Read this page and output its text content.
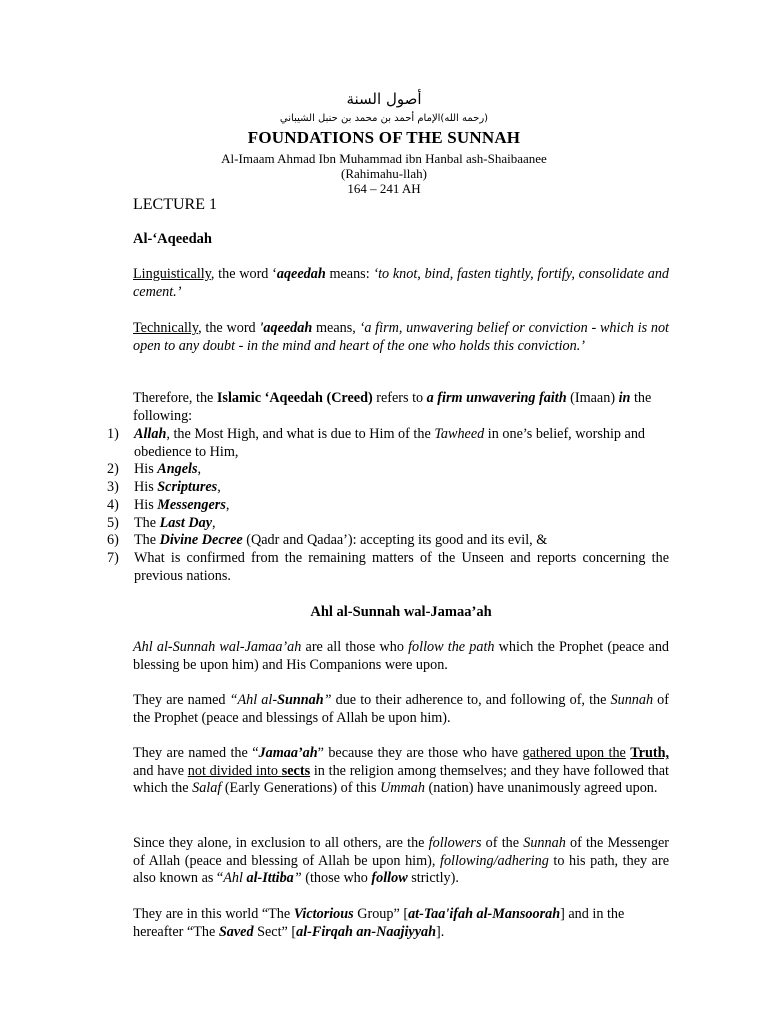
أصول السنة
(رحمه الله)الإمام أحمد بن محمد بن حنبل الشيباني
FOUNDATIONS OF THE SUNNAH
Al-Imaam Ahmad Ibn Muhammad ibn Hanbal ash-Shaibaanee
(Rahimahu-llah)
164 – 241 AH
LECTURE 1
Al-‘Aqeedah
Linguistically, the word ‘aqeedah means: ‘to knot, bind, fasten tightly, fortify, consolidate and cement.’
Technically, the word 'aqeedah means, ‘a firm, unwavering belief or conviction - which is not open to any doubt - in the mind and heart of the one who holds this conviction.’
Therefore, the Islamic ‘Aqeedah (Creed) refers to a firm unwavering faith (Imaan) in the following:
1)	Allah, the Most High, and what is due to Him of the Tawheed in one’s belief, worship and obedience to Him,
2)	His Angels,
3)	His Scriptures,
4)	His Messengers,
5)	The Last Day,
6)	The Divine Decree (Qadr and Qadaa’): accepting its good and its evil, &
7)	What is confirmed from the remaining matters of the Unseen and reports concerning the previous nations.
Ahl al-Sunnah wal-Jamaa’ah
Ahl al-Sunnah wal-Jamaa’ah are all those who follow the path which the Prophet (peace and blessing be upon him) and His Companions were upon.
They are named “Ahl al-Sunnah” due to their adherence to, and following of, the Sunnah of the Prophet (peace and blessings of Allah be upon him).
They are named the “Jamaa’ah” because they are those who have gathered upon the Truth, and have not divided into sects in the religion among themselves; and they have followed that which the Salaf (Early Generations) of this Ummah (nation) have unanimously agreed upon.
Since they alone, in exclusion to all others, are the followers of the Sunnah of the Messenger of Allah (peace and blessing of Allah be upon him), following/adhering to his path, they are also known as “Ahl al-Ittiba” (those who follow strictly).
They are in this world “The Victorious Group” [at-Taa'ifah al-Mansoorah] and in the hereafter “The Saved Sect” [al-Firqah an-Naajiyyah].
